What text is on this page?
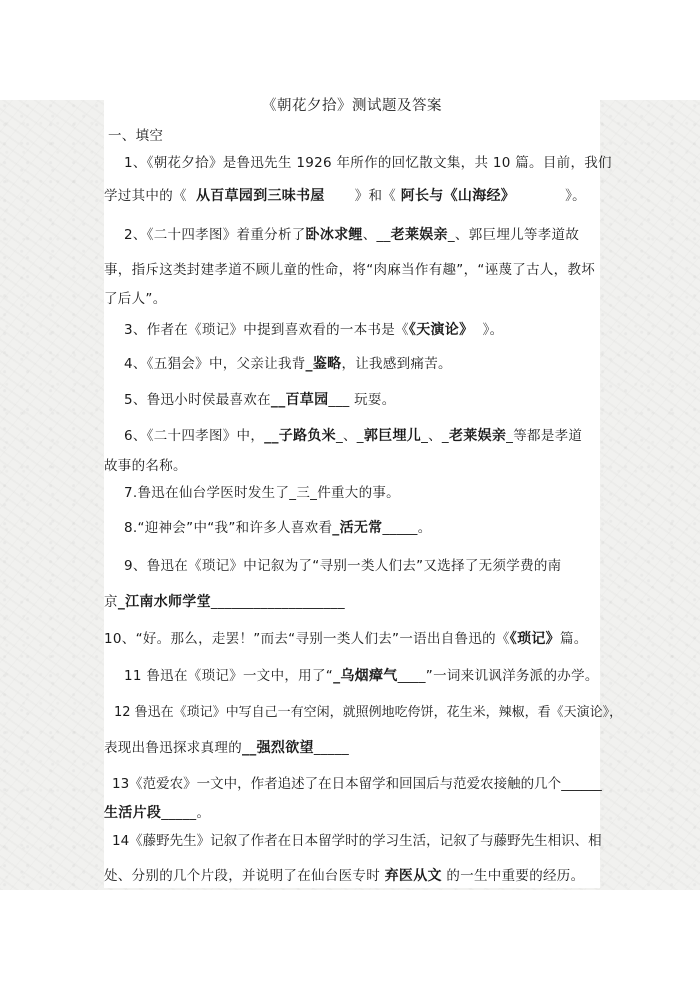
《朝花夕拾》测试题及答案
一、填空
1、《朝花夕拾》是鲁迅先生 1926 年所作的回忆散文集，共 10 篇。目前，我们
学过其中的《 从百草园到三味书屋 》和《 阿长与《山海经》	》。
2、《二十四孝图》着重分析了卧冰求鲤、__老莱娱亲_、郭巨埋儿等孝道故
事，指斥这类封建孝道不顾儿童的性命，将“肉麻当作有趣”，“诬蔑了古人，教坏
了后人”。
3、作者在《琐记》中提到喜欢看的一本书是《《天演论》 》。
4、《五猖会》中，父亲让我背_鉴略，让我感到痛苦。
5、鲁迅小时侯最喜欢在__百草园___ 玩耍。
6、《二十四孝图》中，__子路负米_、_郭巨埋儿_、_老莱娱亲_等都是孝道
故事的名称。
7.鲁迅在仙台学医时发生了_三_件重大的事。
8.“迎神会”中“我”和许多人喜欢看_活无常_____。
9、鲁迅在《琐记》中记叙为了“寻别一类人们去”又选择了无须学费的南
京_江南水师学堂___________________
10、“好。那么，走罢！”而去“寻别一类人们去”一语出自鲁迅的《《琐记》篇。
11 鲁迅在《琐记》一文中，用了“_乌烟瘴气____”一词来讥讽洋务派的办学。
12 鲁迅在《琐记》中写自己一有空闲，就照例地吃侉饼，花生米，辣椒，看《天演论》，
表现出鲁迅探求真理的__强烈欲望_____
13《范爱农》一文中，作者追述了在日本留学和回国后与范爱农接触的几个______
生活片段_____。
14《藤野先生》记叙了作者在日本留学时的学习生活，记叙了与藤野先生相识、相
处、分别的几个片段，并说明了在仙台医专时 弃医从文 的一生中重要的经历。
